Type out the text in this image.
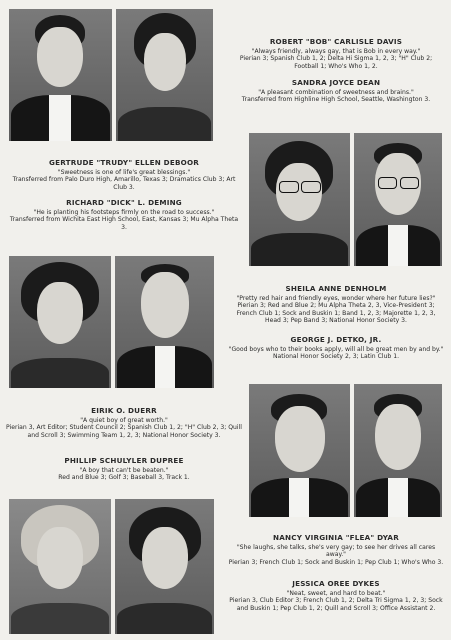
ROBERT "BOB" CARLISLE DAVIS
"Always friendly, always gay, that is Bob in every way."
Pierian 3; Spanish Club 1, 2; Delta Hi Sigma 1, 2, 3; "H" Club 2; Football 1; Who's Who 1, 2.
SANDRA JOYCE DEAN
"A pleasant combination of sweetness and brains."
Transferred from Highline High School, Seattle, Washington 3.
GERTRUDE "TRUDY" ELLEN DEBOOR
"Sweetness is one of life's great blessings."
Transferred from Palo Duro High, Amarillo, Texas 3; Dramatics Club 3; Art Club 3.
RICHARD "DICK" L. DEMING
"He is planting his footsteps firmly on the road to success."
Transferred from Wichita East High School, East, Kansas 3; Mu Alpha Theta 3.
SHEILA ANNE DENHOLM
"Pretty red hair and friendly eyes, wonder where her future lies?"
Pierian 3; Red and Blue 2; Mu Alpha Theta 2, 3, Vice-President 3; French Club 1; Sock and Buskin 1; Band 1, 2, 3; Majorette 1, 2, 3, Head 3; Pep Band 3; National Honor Society 3.
GEORGE J. DETKO, JR.
"Good boys who to their books apply, will all be great men by and by."
National Honor Society 2, 3; Latin Club 1.
EIRIK O. DUERR
"A quiet boy of great worth."
Pierian 3, Art Editor; Student Council 2; Spanish Club 1, 2; "H" Club 2, 3; Quill and Scroll 3; Swimming Team 1, 2, 3; National Honor Society 3.
PHILLIP SCHULYLER DUPREE
"A boy that can't be beaten."
Red and Blue 3; Golf 3; Baseball 3, Track 1.
NANCY VIRGINIA "FLEA" DYAR
"She laughs, she talks, she's very gay; to see her drives all cares away."
Pierian 3; French Club 1; Sock and Buskin 1; Pep Club 1; Who's Who 3.
JESSICA OREE DYKES
"Neat, sweet, and hard to beat."
Pierian 3, Club Editor 3; French Club 1, 2; Delta Tri Sigma 1, 2, 3; Sock and Buskin 1; Pep Club 1, 2; Quill and Scroll 3; Office Assistant 2.
